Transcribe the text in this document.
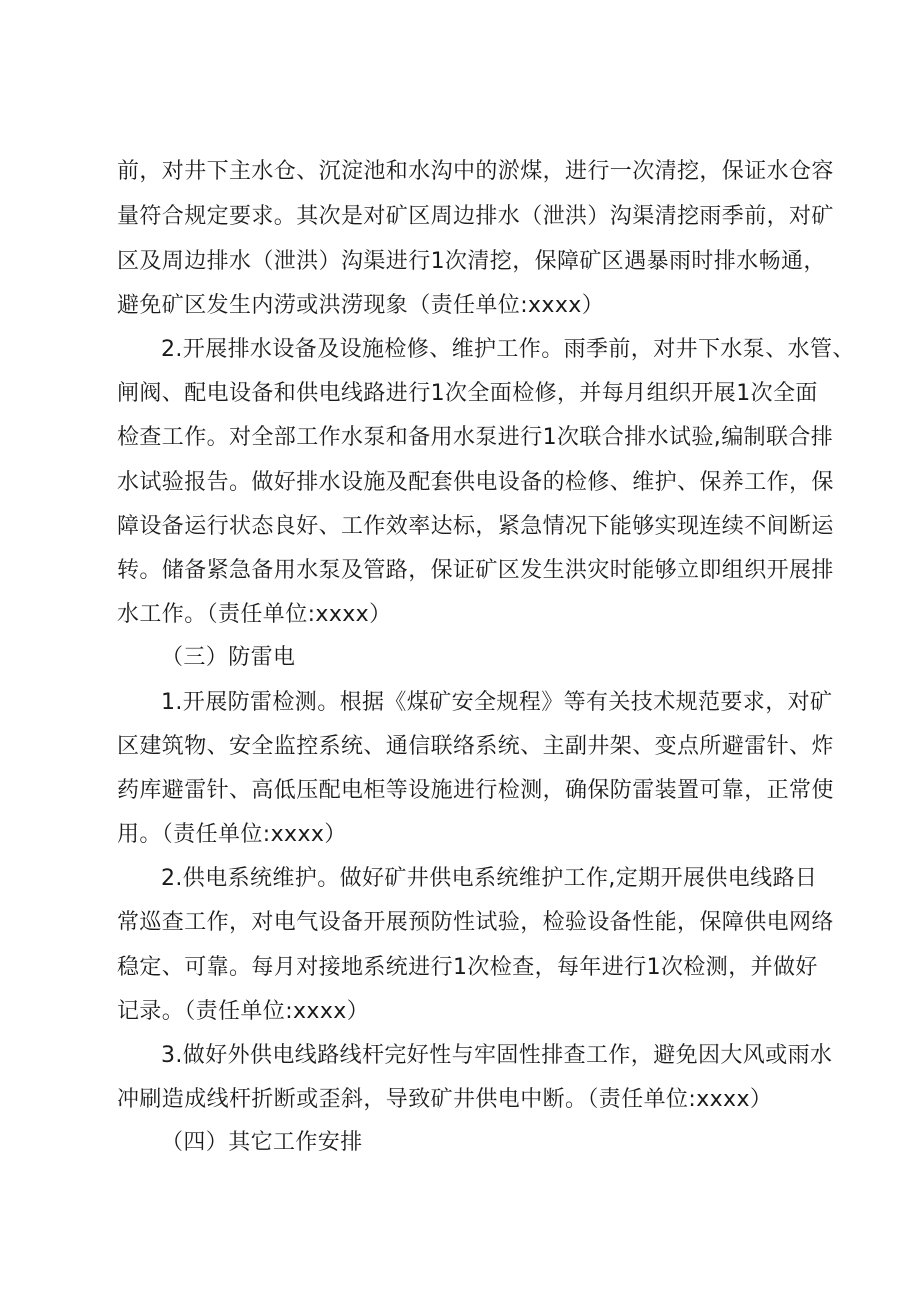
前，对井下主水仓、沉淀池和水沟中的淤煤，进行一次清挖，保证水仓容
量符合规定要求。其次是对矿区周边排水（泄洪）沟渠清挖雨季前，对矿
区及周边排水（泄洪）沟渠进行1次清挖，保障矿区遇暴雨时排水畅通，
避免矿区发生内涝或洪涝现象（责任单位:xxxx）
2.开展排水设备及设施检修、维护工作。雨季前，对井下水泵、水管、
闸阀、配电设备和供电线路进行1次全面检修，并每月组织开展1次全面
检查工作。对全部工作水泵和备用水泵进行1次联合排水试验,编制联合排
水试验报告。做好排水设施及配套供电设备的检修、维护、保养工作，保
障设备运行状态良好、工作效率达标，紧急情况下能够实现连续不间断运
转。储备紧急备用水泵及管路，保证矿区发生洪灾时能够立即组织开展排
水工作。（责任单位:xxxx）
（三）防雷电
1.开展防雷检测。根据《煤矿安全规程》等有关技术规范要求，对矿
区建筑物、安全监控系统、通信联络系统、主副井架、变点所避雷针、炸
药库避雷针、高低压配电柜等设施进行检测，确保防雷装置可靠，正常使
用。（责任单位:xxxx）
2.供电系统维护。做好矿井供电系统维护工作,定期开展供电线路日
常巡查工作，对电气设备开展预防性试验，检验设备性能，保障供电网络
稳定、可靠。每月对接地系统进行1次检查，每年进行1次检测，并做好
记录。（责任单位:xxxx）
3.做好外供电线路线杆完好性与牢固性排查工作，避免因大风或雨水
冲刷造成线杆折断或歪斜，导致矿井供电中断。（责任单位:xxxx）
（四）其它工作安排
